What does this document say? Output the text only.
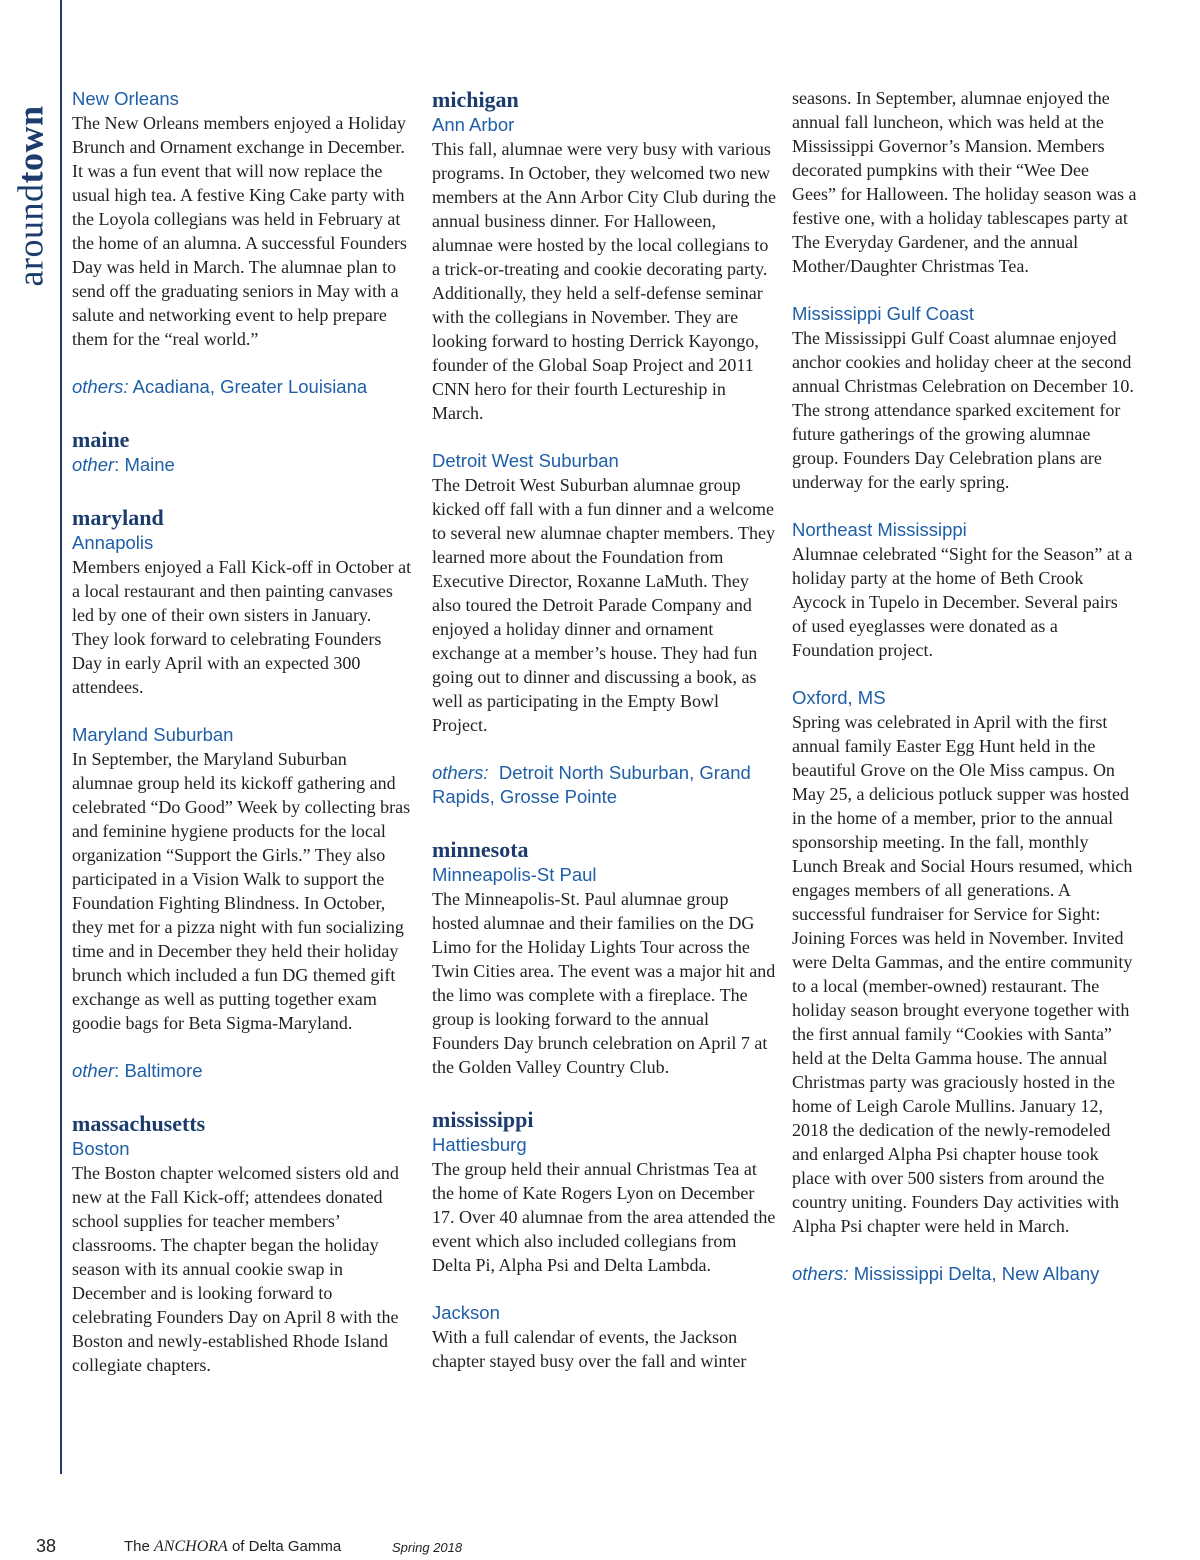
aroundtown

New Orleans

The New Orleans members enjoyed a Holiday Brunch and Ornament exchange in December. It was a fun event that will now replace the usual high tea. A festive King Cake party with the Loyola collegians was held in February at the home of an alumna. A successful Founders Day was held in March. The alumnae plan to send off the graduating seniors in May with a salute and networking event to help prepare them for the “real world.”

others: Acadiana, Greater Louisiana

maine

other: Maine

maryland

Annapolis

Members enjoyed a Fall Kick-off in October at a local restaurant and then painting canvases led by one of their own sisters in January. They look forward to celebrating Founders Day in early April with an expected 300 attendees.

Maryland Suburban

In September, the Maryland Suburban alumnae group held its kickoff gathering and celebrated “Do Good” Week by collecting bras and feminine hygiene products for the local organization “Support the Girls.” They also participated in a Vision Walk to support the Foundation Fighting Blindness. In October, they met for a pizza night with fun socializing time and in December they held their holiday brunch which included a fun DG themed gift exchange as well as putting together exam goodie bags for Beta Sigma-Maryland.

other: Baltimore

massachusetts

Boston

The Boston chapter welcomed sisters old and new at the Fall Kick-off; attendees donated school supplies for teacher members’ classrooms. The chapter began the holiday season with its annual cookie swap in December and is looking forward to celebrating Founders Day on April 8 with the Boston and newly-established Rhode Island collegiate chapters.

michigan

Ann Arbor

This fall, alumnae were very busy with various programs. In October, they welcomed two new members at the Ann Arbor City Club during the annual business dinner. For Halloween, alumnae were hosted by the local collegians to a trick-or-treating and cookie decorating party. Additionally, they held a self-defense seminar with the collegians in November. They are looking forward to hosting Derrick Kayongo, founder of the Global Soap Project and 2011 CNN hero for their fourth Lectureship in March.

Detroit West Suburban

The Detroit West Suburban alumnae group kicked off fall with a fun dinner and a welcome to several new alumnae chapter members. They learned more about the Foundation from Executive Director, Roxanne LaMuth. They also toured the Detroit Parade Company and enjoyed a holiday dinner and ornament exchange at a member’s house. They had fun going out to dinner and discussing a book, as well as participating in the Empty Bowl Project.

others:  Detroit North Suburban, Grand Rapids, Grosse Pointe

minnesota

Minneapolis-St Paul

The Minneapolis-St. Paul alumnae group hosted alumnae and their families on the DG Limo for the Holiday Lights Tour across the Twin Cities area. The event was a major hit and the limo was complete with a fireplace. The group is looking forward to the annual Founders Day brunch celebration on April 7 at the Golden Valley Country Club.

mississippi

Hattiesburg

The group held their annual Christmas Tea at the home of Kate Rogers Lyon on December 17. Over 40 alumnae from the area attended the event which also included collegians from Delta Pi, Alpha Psi and Delta Lambda.

Jackson

With a full calendar of events, the Jackson chapter stayed busy over the fall and winter

seasons. In September, alumnae enjoyed the annual fall luncheon, which was held at the Mississippi Governor’s Mansion. Members decorated pumpkins with their “Wee Dee Gees” for Halloween. The holiday season was a festive one, with a holiday tablescapes party at The Everyday Gardener, and the annual Mother/Daughter Christmas Tea.

Mississippi Gulf Coast

The Mississippi Gulf Coast alumnae enjoyed anchor cookies and holiday cheer at the second annual Christmas Celebration on December 10. The strong attendance sparked excitement for future gatherings of the growing alumnae group. Founders Day Celebration plans are underway for the early spring.

Northeast Mississippi

Alumnae celebrated “Sight for the Season” at a holiday party at the home of Beth Crook Aycock in Tupelo in December. Several pairs of used eyeglasses were donated as a Foundation project.

Oxford, MS

Spring was celebrated in April with the first annual family Easter Egg Hunt held in the beautiful Grove on the Ole Miss campus. On May 25, a delicious potluck supper was hosted in the home of a member, prior to the annual sponsorship meeting. In the fall, monthly Lunch Break and Social Hours resumed, which engages members of all generations. A successful fundraiser for Service for Sight: Joining Forces was held in November. Invited were Delta Gammas, and the entire community to a local (member-owned) restaurant. The holiday season brought everyone together with the first annual family “Cookies with Santa” held at the Delta Gamma house. The annual Christmas party was graciously hosted in the home of Leigh Carole Mullins. January 12, 2018 the dedication of the newly-remodeled and enlarged Alpha Psi chapter house took place with over 500 sisters from around the country uniting. Founders Day activities with Alpha Psi chapter were held in March.

others: Mississippi Delta, New Albany

38	The ANCHORA of Delta Gamma	Spring 2018
